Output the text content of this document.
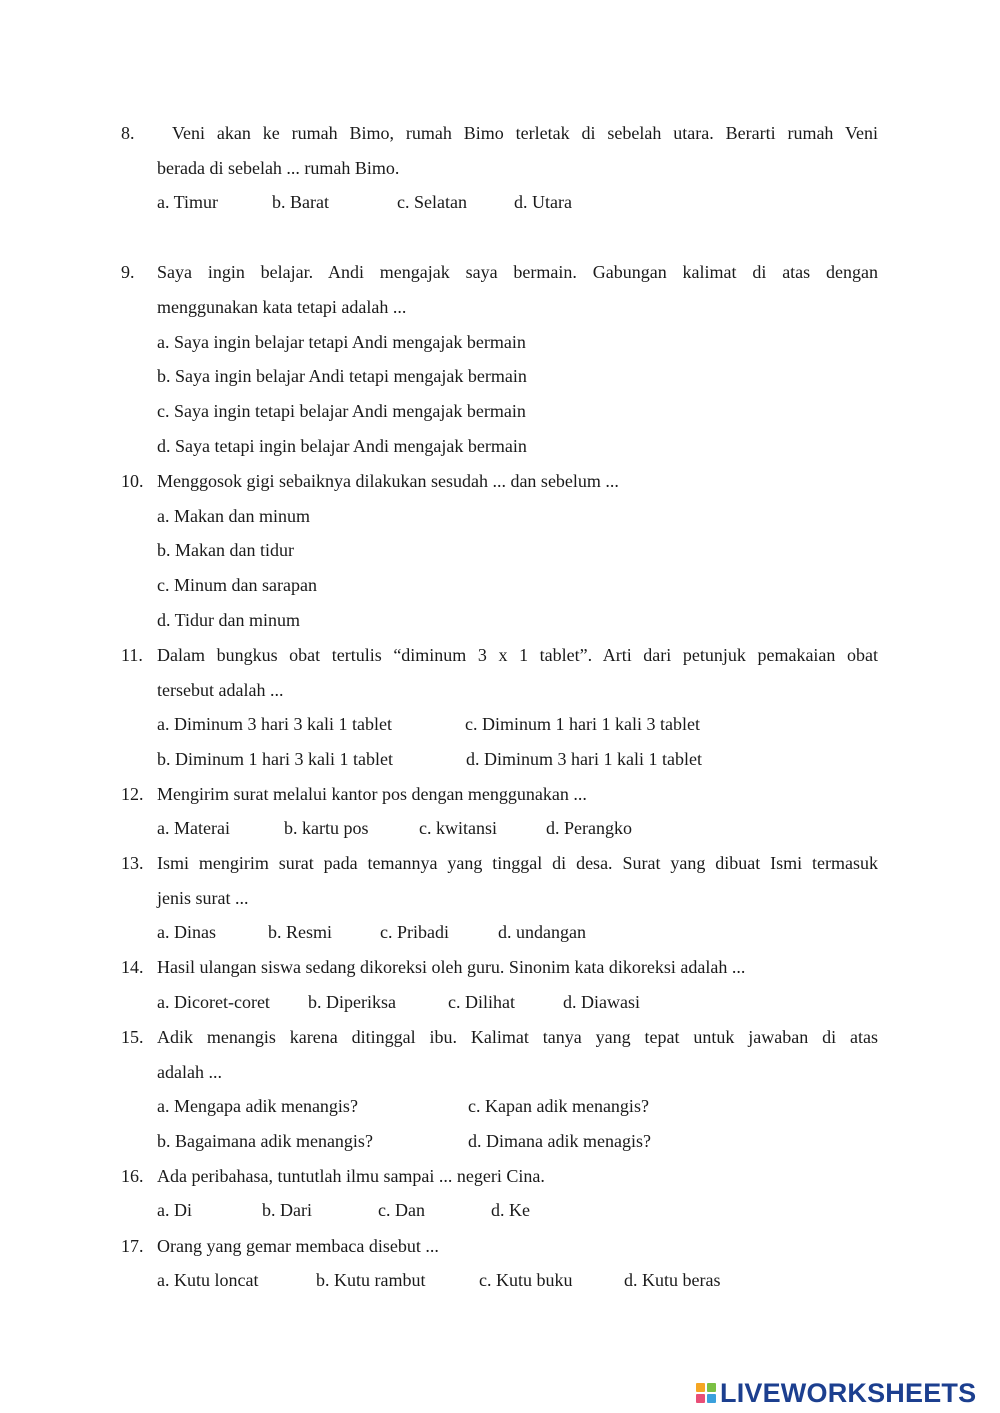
8. Veni akan ke rumah Bimo, rumah Bimo terletak di sebelah utara. Berarti rumah Veni
berada di sebelah ... rumah Bimo.
a. Timur	b. Barat	c. Selatan	d. Utara
9. Saya ingin belajar. Andi mengajak saya bermain. Gabungan kalimat di atas dengan
menggunakan kata tetapi adalah ...
a. Saya ingin belajar tetapi Andi mengajak bermain
b. Saya ingin belajar Andi tetapi mengajak bermain
c. Saya ingin tetapi belajar Andi mengajak bermain
d. Saya tetapi ingin belajar Andi mengajak bermain
10. Menggosok gigi sebaiknya dilakukan sesudah ... dan sebelum ...
a. Makan dan minum
b. Makan dan tidur
c. Minum dan sarapan
d. Tidur dan minum
11. Dalam bungkus obat tertulis “diminum 3 x 1 tablet”. Arti dari petunjuk pemakaian obat
tersebut adalah ...
a. Diminum 3 hari 3 kali 1 tablet	c. Diminum 1 hari 1 kali 3 tablet
b. Diminum 1 hari 3 kali 1 tablet	d. Diminum 3 hari 1 kali 1 tablet
12. Mengirim surat melalui kantor pos dengan menggunakan ...
a. Materai	b. kartu pos	c. kwitansi	d. Perangko
13. Ismi mengirim surat pada temannya yang tinggal di desa. Surat yang dibuat Ismi termasuk
jenis surat ...
a. Dinas	b. Resmi	c. Pribadi	d. undangan
14. Hasil ulangan siswa sedang dikoreksi oleh guru. Sinonim kata dikoreksi adalah ...
a. Dicoret-coret b. Diperiksa	c. Dilihat	d. Diawasi
15. Adik menangis karena ditinggal ibu. Kalimat tanya yang tepat untuk jawaban di atas
adalah ...
a. Mengapa adik menangis?	c. Kapan adik menangis?
b. Bagaimana adik menangis?	d. Dimana adik menagis?
16. Ada peribahasa, tuntutlah ilmu sampai ... negeri Cina.
a. Di	b. Dari	c. Dan	d. Ke
17. Orang yang gemar membaca disebut ...
a. Kutu loncat	b. Kutu rambut	c. Kutu buku	d. Kutu beras
LIVEWORKSHEETS
